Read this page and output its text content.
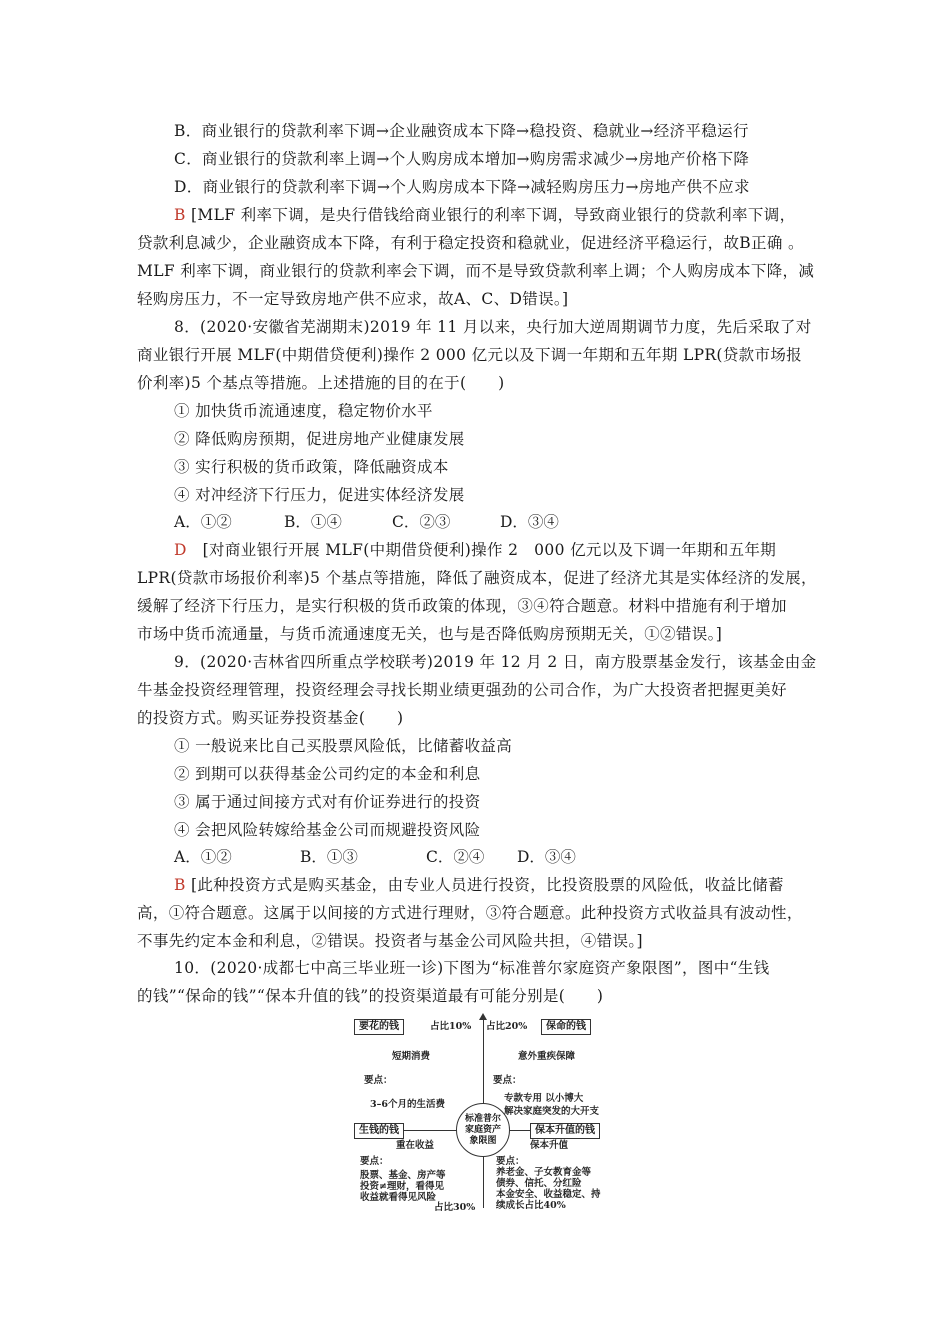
B．商业银行的贷款利率下调→企业融资成本下降→稳投资、稳就业→经济平稳运行
C．商业银行的贷款利率上调→个人购房成本增加→购房需求减少→房地产价格下降
D．商业银行的贷款利率下调→个人购房成本下降→减轻购房压力→房地产供不应求
B [MLF 利率下调，是央行借钱给商业银行的利率下调，导致商业银行的贷款利率下调，
贷款利息减少，企业融资成本下降，有利于稳定投资和稳就业，促进经济平稳运行，故B正确 。
MLF 利率下调，商业银行的贷款利率会下调，而不是导致贷款利率上调；个人购房成本下降，减
轻购房压力，不一定导致房地产供不应求，故A、C、D错误。]
8．(2020·安徽省芜湖期末)2019 年 11 月以来，央行加大逆周期调节力度，先后采取了对
商业银行开展 MLF(中期借贷便利)操作 2 000 亿元以及下调一年期和五年期 LPR(贷款市场报
价利率)5 个基点等措施。上述措施的目的在于(　　)
① 加快货币流通速度，稳定物价水平
② 降低购房预期，促进房地产业健康发展
③ 实行积极的货币政策，降低融资成本
④ 对冲经济下行压力，促进实体经济发展
A．①②	B．①④	C．②③	D．③④
D　[对商业银行开展 MLF(中期借贷便利)操作 2　000 亿元以及下调一年期和五年期
LPR(贷款市场报价利率)5 个基点等措施，降低了融资成本，促进了经济尤其是实体经济的发展，
缓解了经济下行压力，是实行积极的货币政策的体现，③④符合题意。材料中措施有利于增加
市场中货币流通量，与货币流通速度无关，也与是否降低购房预期无关，①②错误。]
9．(2020·吉林省四所重点学校联考)2019 年 12 月 2 日，南方股票基金发行，该基金由金
牛基金投资经理管理，投资经理会寻找长期业绩更强劲的公司合作，为广大投资者把握更美好
的投资方式。购买证券投资基金(　　)
① 一般说来比自己买股票风险低，比储蓄收益高
② 到期可以获得基金公司约定的本金和利息
③ 属于通过间接方式对有价证券进行的投资
④ 会把风险转嫁给基金公司而规避投资风险
A．①②	B．①③	C．②④ D．③④
B [此种投资方式是购买基金，由专业人员进行投资，比投资股票的风险低，收益比储蓄
高，①符合题意。这属于以间接的方式进行理财，③符合题意。此种投资方式收益具有波动性，
不事先约定本金和利息，②错误。投资者与基金公司风险共担，④错误。]
10．(2020·成都七中高三毕业班一诊)下图为“标准普尔家庭资产象限图”，图中“生钱
的钱”“保命的钱”“保本升值的钱”的投资渠道最有可能分别是(　　)
要花的钱	占比10%
短期消费
要点：
3–6个月的生活费
占比20%	保命的钱
意外重疾保障
要点：
专款专用 以小博大
解决家庭突发的大开支
标准普尔家庭资产象限图
生钱的钱
重在收益
要点：
股票、基金、房产等
投资≠理财，看得见
收益就看得见风险
占比30%
保本升值的钱
保本升值
要点：
养老金、子女教育金等
债券、信托、分红险
本金安全、收益稳定、持
续成长占比40%
